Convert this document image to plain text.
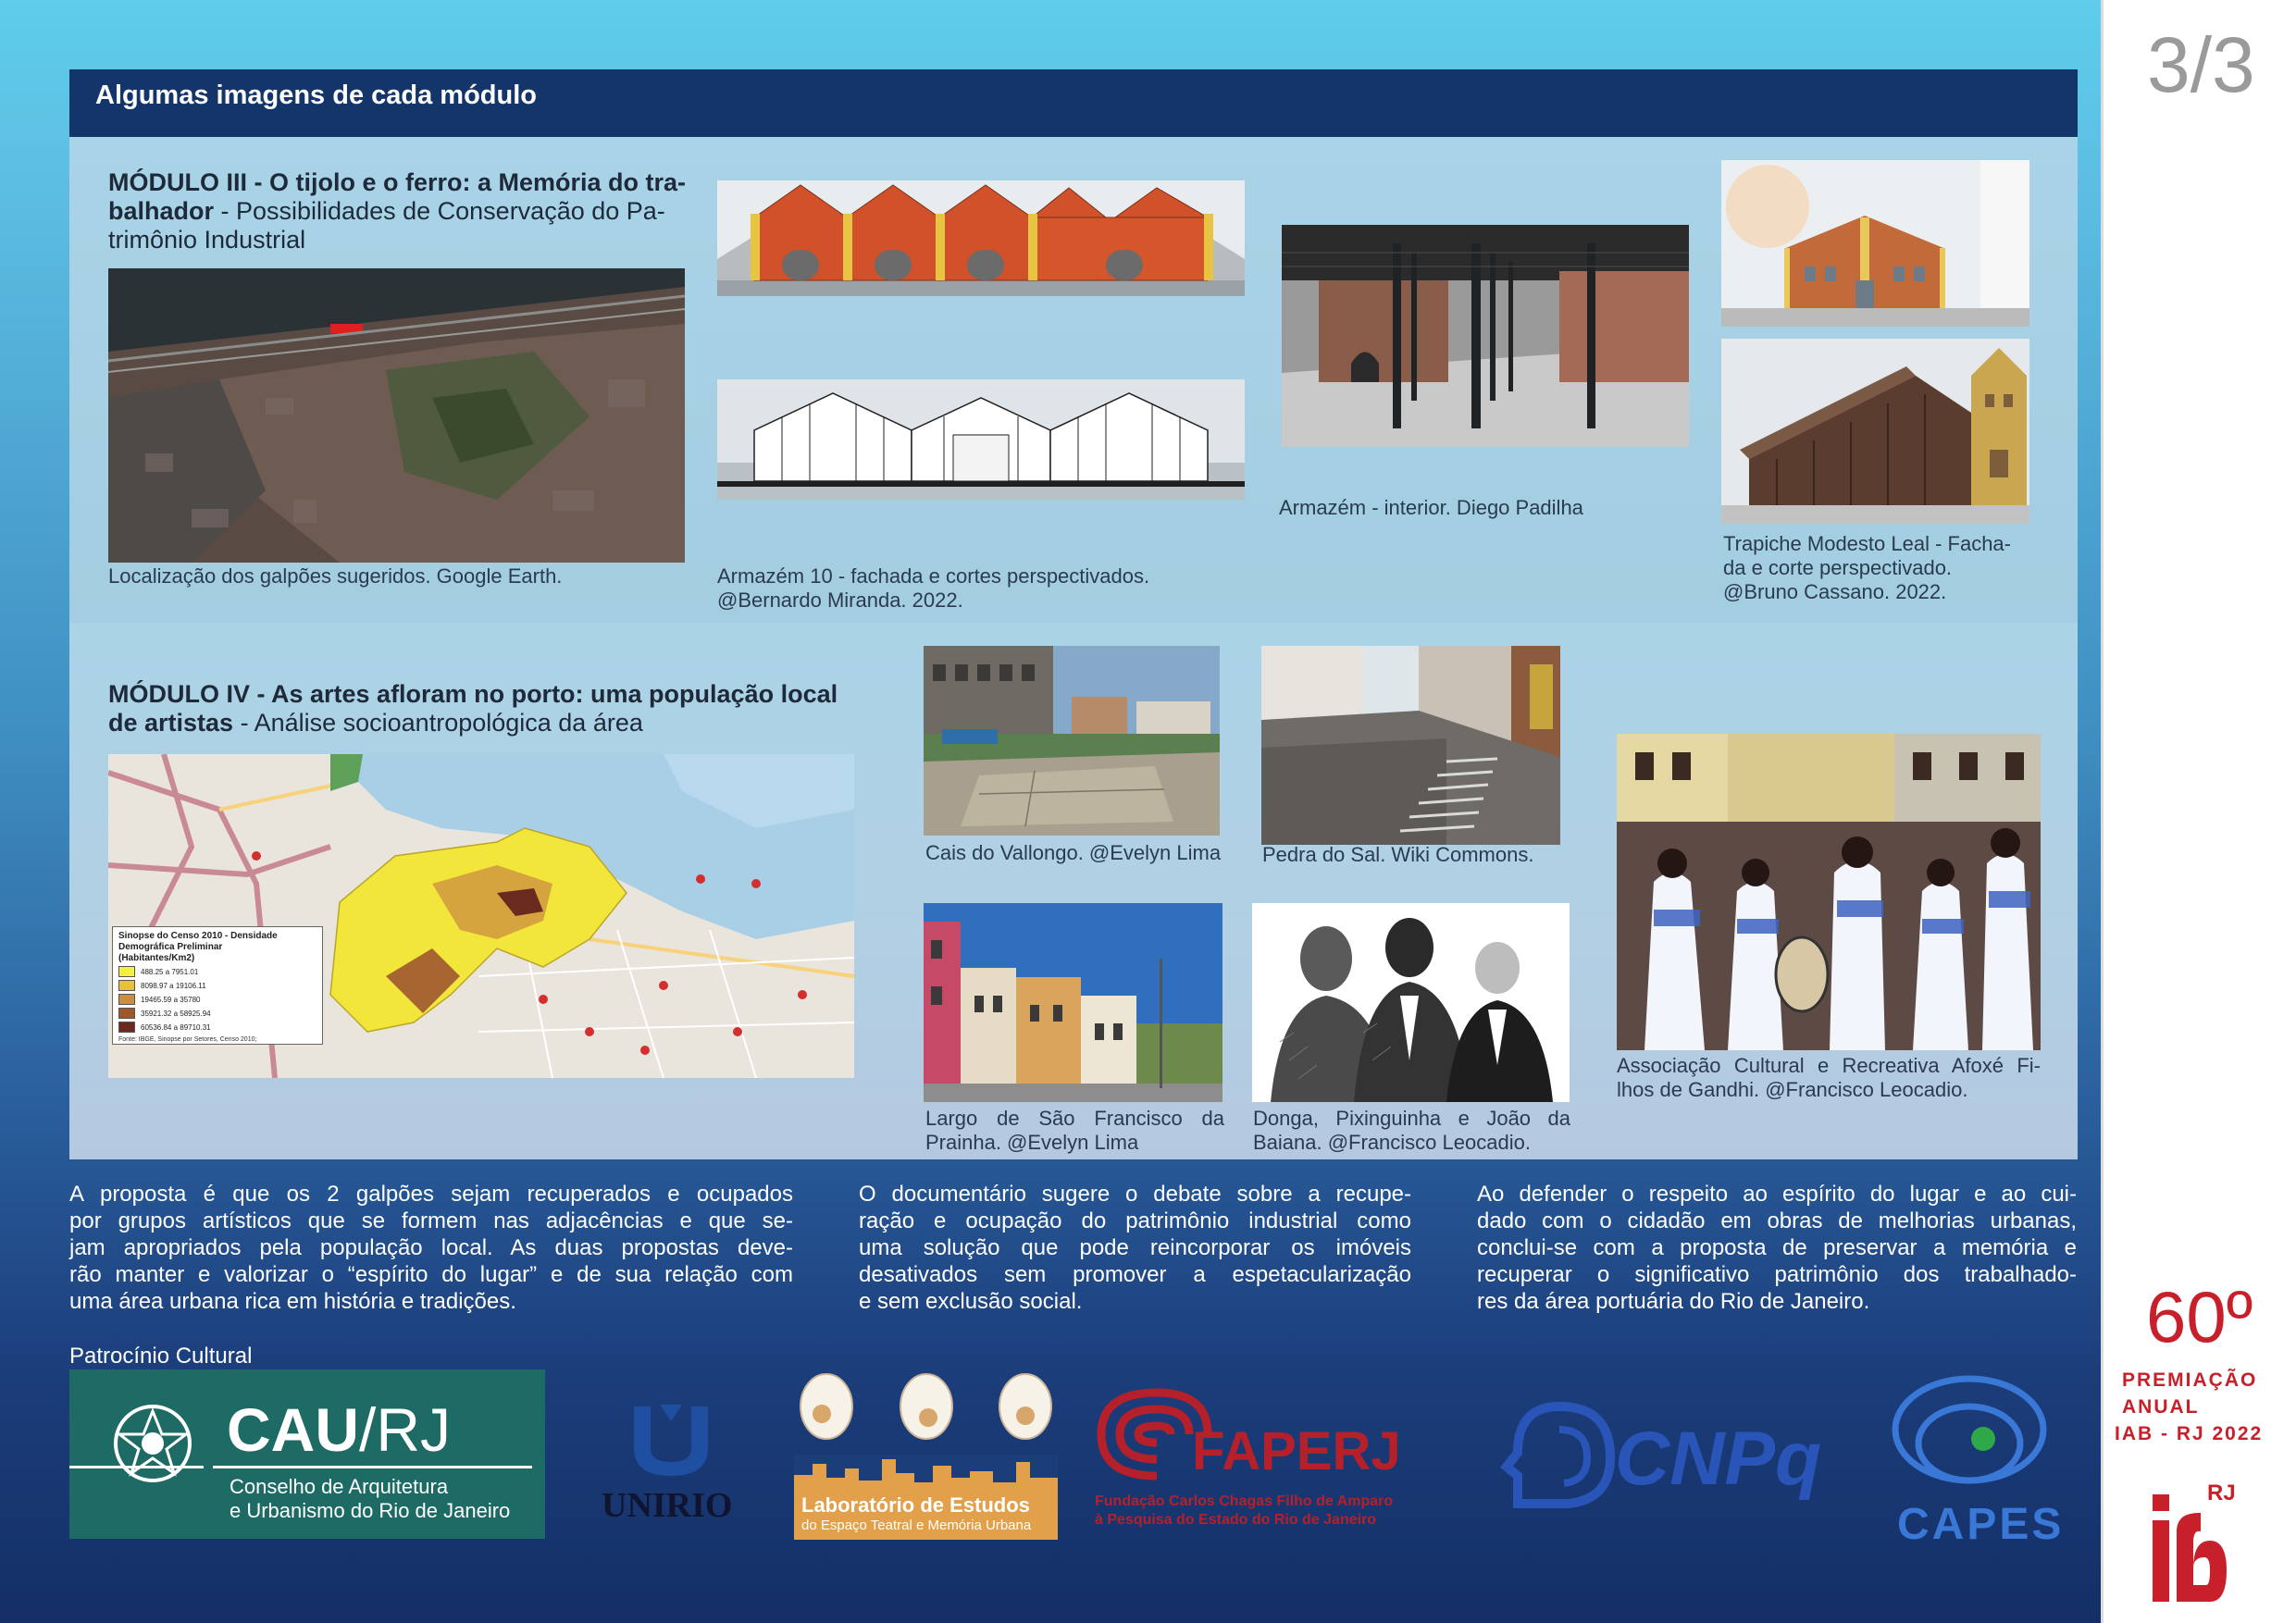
Algumas imagens de cada módulo
MÓDULO III - O tijolo e o ferro: a Memória do tra-
balhador - Possibilidades de Conservação do Pa-
trimônio Industrial
Localização dos galpões sugeridos. Google Earth.	Armazém 10 - fachada e cortes perspectivados.
@Bernardo Miranda. 2022.
Armazém - interior. Diego Padilha
Trapiche Modesto Leal - Facha-
da e corte perspectivado.
@Bruno Cassano. 2022.
MÓDULO IV - As artes afloram no porto: uma população local
de artistas - Análise socioantropológica da área
Sinopse do Censo 2010 - Densidade
Demográfica Preliminar
(Habitantes/Km2)
488.25 a 7951.01
8098.97 a 19106.11
19465.59 a 35780
35921.32 a 58925.94
60536.84 a 89710.31
Fonte: IBGE, Sinopse por Setores, Censo 2010;
Cais do Vallongo. @Evelyn Lima Pedra do Sal. Wiki Commons.
Largo de São Francisco da
Prainha. @Evelyn Lima
Donga, Pixinguinha e João da
Baiana. @Francisco Leocadio.
Associação Cultural e Recreativa Afoxé Fi-
lhos de Gandhi. @Francisco Leocadio.
A proposta é que os 2 galpões sejam recuperados e ocupados
por grupos artísticos que se formem nas adjacências e que se-
jam apropriados pela população local. As duas propostas deve-
rão manter e valorizar o “espírito do lugar” e de sua relação com
uma área urbana rica em história e tradições.
O documentário sugere o debate sobre a recupe-
ração e ocupação do patrimônio industrial como
uma solução que pode reincorporar os imóveis
desativados sem promover a espetacularização
e sem exclusão social.
Ao defender o respeito ao espírito do lugar e ao cui-
dado com o cidadão em obras de melhorias urbanas,
conclui-se com a proposta de preservar a memória e
recuperar o significativo patrimônio dos trabalhado-
res da área portuária do Rio de Janeiro.
Patrocínio Cultural
CAU/RJ
Conselho de Arquitetura
e Urbanismo do Rio de Janeiro	UNIRIO	Laboratório de Estudos
do Espaço Teatral e Memória Urbana
FAPERJ
Fundação Carlos Chagas Filho de Amparo
à Pesquisa do Estado do Rio de Janeiro
CNPq
CAPES
3/3
60º
PREMIAÇÃO
ANUAL
IAB - RJ 2022
RJ
